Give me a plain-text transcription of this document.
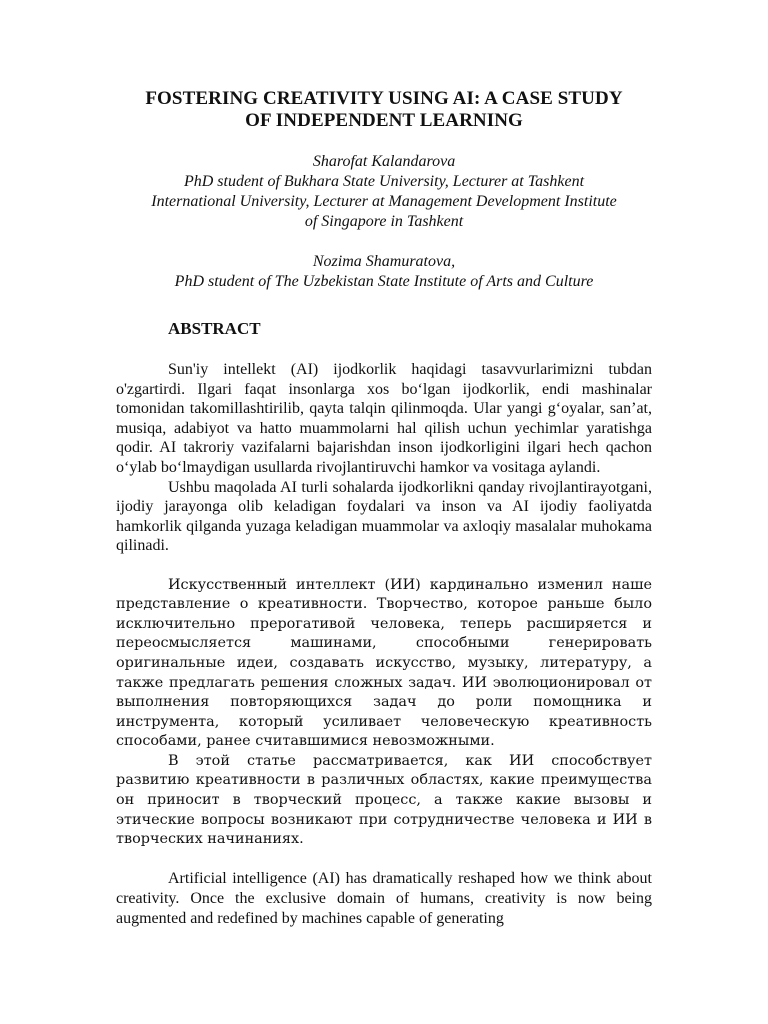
FOSTERING CREATIVITY USING AI: A CASE STUDY
OF INDEPENDENT LEARNING

Sharofat Kalandarova

PhD student of Bukhara State University, Lecturer at Tashkent

International University, Lecturer at Management Development Institute

of Singapore in Tashkent

Nozima Shamuratova,

PhD student of The Uzbekistan State Institute of Arts and Culture

ABSTRACT

Sun'iy intellekt (AI) ijodkorlik haqidagi tasavvurlarimizni tubdan o'zgartirdi. Ilgari faqat insonlarga xos bo‘lgan ijodkorlik, endi mashinalar tomonidan takomillashtirilib, qayta talqin qilinmoqda. Ular yangi g‘oyalar, san’at, musiqa, adabiyot va hatto muammolarni hal qilish uchun yechimlar yaratishga qodir. AI takroriy vazifalarni bajarishdan inson ijodkorligini ilgari hech qachon o‘ylab bo‘lmaydigan usullarda rivojlantiruvchi hamkor va vositaga aylandi.

Ushbu maqolada AI turli sohalarda ijodkorlikni qanday rivojlantirayotgani, ijodiy jarayonga olib keladigan foydalari va inson va AI ijodiy faoliyatda hamkorlik qilganda yuzaga keladigan muammolar va axloqiy masalalar muhokama qilinadi.

Искусственный интеллект (ИИ) кардинально изменил наше представление о креативности. Творчество, которое раньше было исключительно прерогативой человека, теперь расширяется и переосмысляется машинами, способными генерировать оригинальные идеи, создавать искусство, музыку, литературу, а также предлагать решения сложных задач. ИИ эволюционировал от выполнения повторяющихся задач до роли помощника и инструмента, который усиливает человеческую креативность способами, ранее считавшимися невозможными.

В этой статье рассматривается, как ИИ способствует развитию креативности в различных областях, какие преимущества он приносит в творческий процесс, а также какие вызовы и этические вопросы возникают при сотрудничестве человека и ИИ в творческих начинаниях.

Artificial intelligence (AI) has dramatically reshaped how we think about creativity. Once the exclusive domain of humans, creativity is now being augmented and redefined by machines capable of generating
